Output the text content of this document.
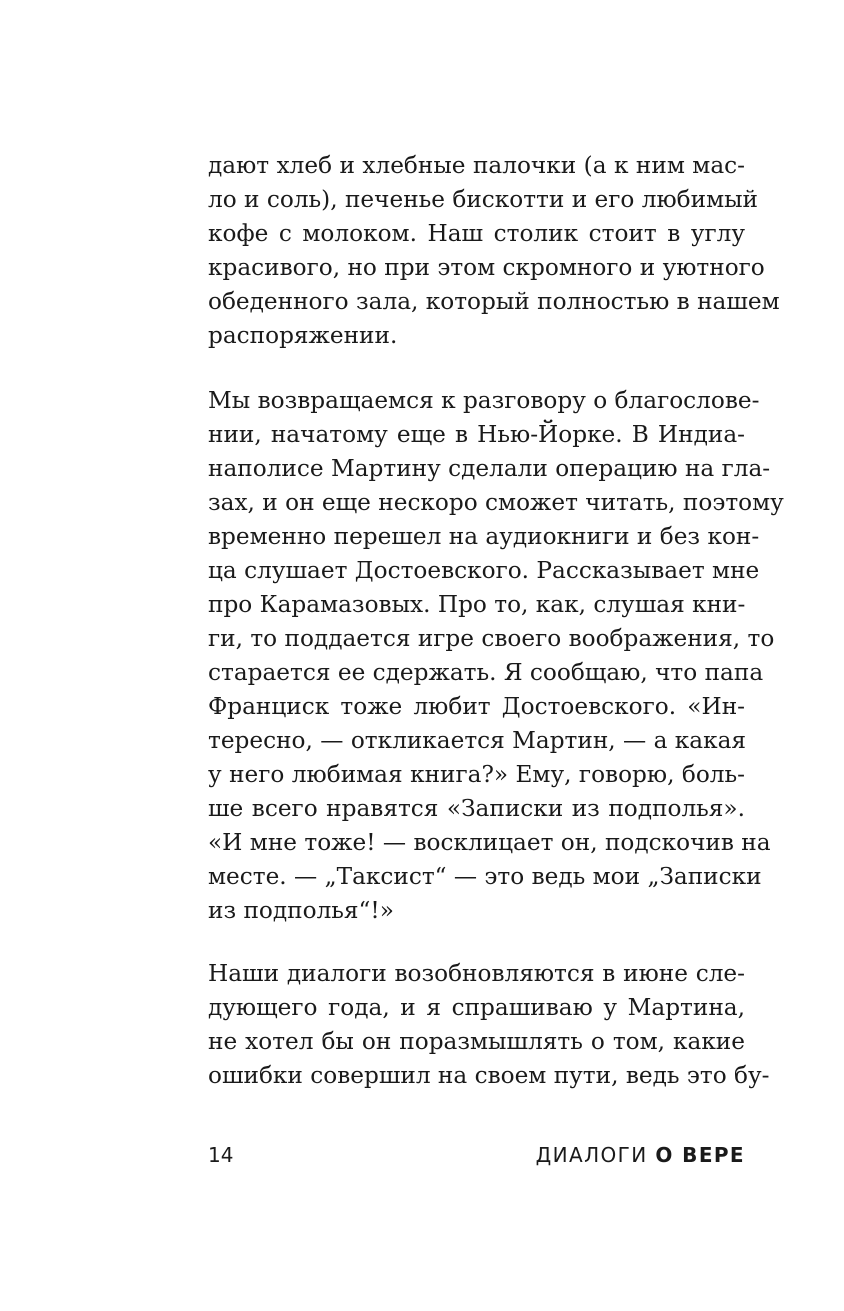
дают хлеб и хлебные палочки (а к ним мас-
ло и соль), печенье бискотти и его любимый
кофе с молоком. Наш столик стоит в углу
красивого, но при этом скромного и уютного
обеденного зала, который полностью в нашем
распоряжении.

Мы возвращаемся к разговору о благослове-
нии, начатому еще в Нью-Йорке. В Индиа-
наполисе Мартину сделали операцию на гла-
зах, и он еще нескоро сможет читать, поэтому
временно перешел на аудиокниги и без кон-
ца слушает Достоевского. Рассказывает мне
про Карамазовых. Про то, как, слушая кни-
ги, то поддается игре своего воображения, то
старается ее сдержать. Я сообщаю, что папа
Франциск тоже любит Достоевского. «Ин-
тересно, — откликается Мартин, — а какая
у него любимая книга?» Ему, говорю, боль-
ше всего нравятся «Записки из подполья».
«И мне тоже! — восклицает он, подскочив на
месте. — „Таксист“ — это ведь мои „Записки
из подполья“!»

Наши диалоги возобновляются в июне сле-
дующего года, и я спрашиваю у Мартина,
не хотел бы он поразмышлять о том, какие
ошибки совершил на своем пути, ведь это бу-

14	ДИАЛОГИ О ВЕРЕ
